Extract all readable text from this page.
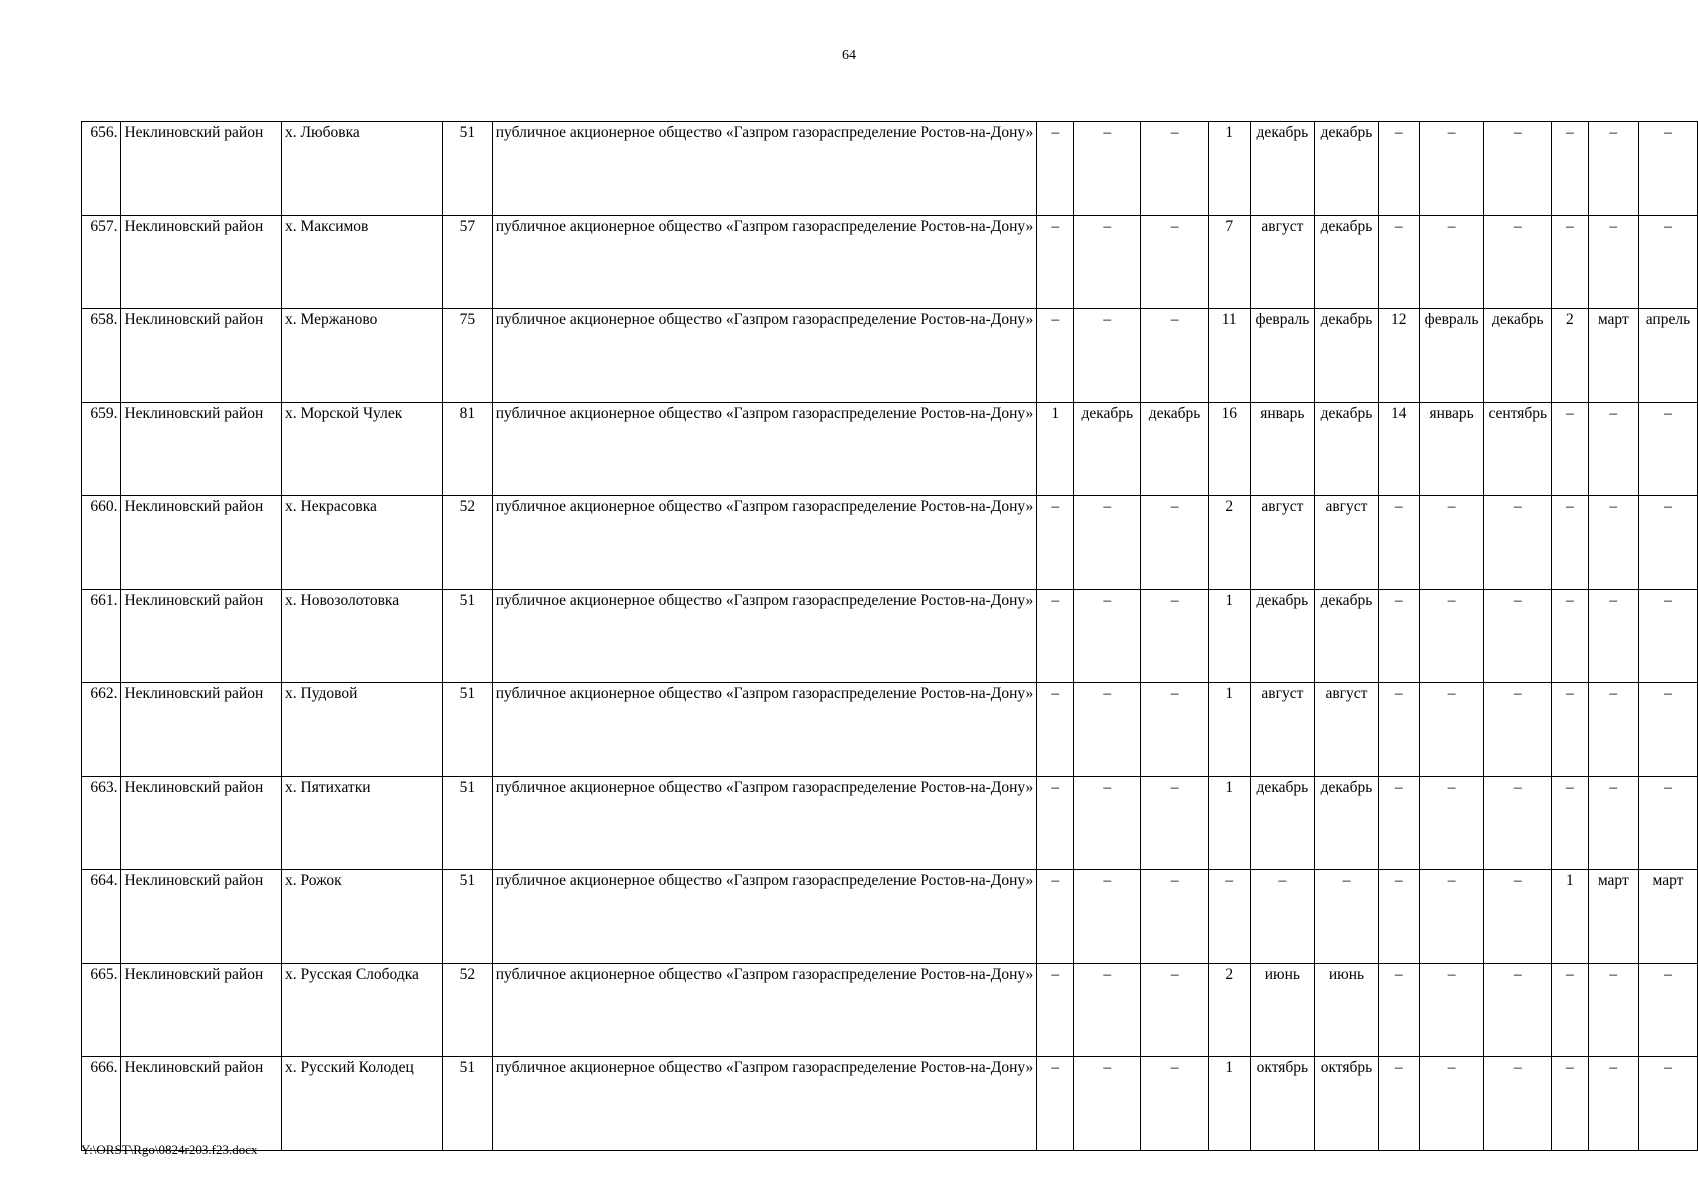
64
656.	Неклиновский район	х. Любовка	51	публичное акционерное общество «Газпром газораспределение Ростов-на-Дону»	–	–	–	1	декабрь	декабрь	–	–	–	–	–	–
657.	Неклиновский район	х. Максимов	57	публичное акционерное общество «Газпром газораспределение Ростов-на-Дону»	–	–	–	7	август	декабрь	–	–	–	–	–	–
658.	Неклиновский район	х. Мержаново	75	публичное акционерное общество «Газпром газораспределение Ростов-на-Дону»	–	–	–	11	февраль	декабрь	12	февраль	декабрь	2	март	апрель
659.	Неклиновский район	х. Морской Чулек	81	публичное акционерное общество «Газпром газораспределение Ростов-на-Дону»	1	декабрь	декабрь	16	январь	декабрь	14	январь	сентябрь	–	–	–
660.	Неклиновский район	х. Некрасовка	52	публичное акционерное общество «Газпром газораспределение Ростов-на-Дону»	–	–	–	2	август	август	–	–	–	–	–	–
661.	Неклиновский район	х. Новозолотовка	51	публичное акционерное общество «Газпром газораспределение Ростов-на-Дону»	–	–	–	1	декабрь	декабрь	–	–	–	–	–	–
662.	Неклиновский район	х. Пудовой	51	публичное акционерное общество «Газпром газораспределение Ростов-на-Дону»	–	–	–	1	август	август	–	–	–	–	–	–
663.	Неклиновский район	х. Пятихатки	51	публичное акционерное общество «Газпром газораспределение Ростов-на-Дону»	–	–	–	1	декабрь	декабрь	–	–	–	–	–	–
664.	Неклиновский район	х. Рожок	51	публичное акционерное общество «Газпром газораспределение Ростов-на-Дону»	–	–	–	–	–	–	–	–	–	1	март	март
665.	Неклиновский район	х. Русская Слободка	52	публичное акционерное общество «Газпром газораспределение Ростов-на-Дону»	–	–	–	2	июнь	июнь	–	–	–	–	–	–
666.	Неклиновский район	х. Русский Колодец	51	публичное акционерное общество «Газпром газораспределение Ростов-на-Дону»	–	–	–	1	октябрь	октябрь	–	–	–	–	–	–
Y:\ORST\Rgo\0824r203.f23.docx
